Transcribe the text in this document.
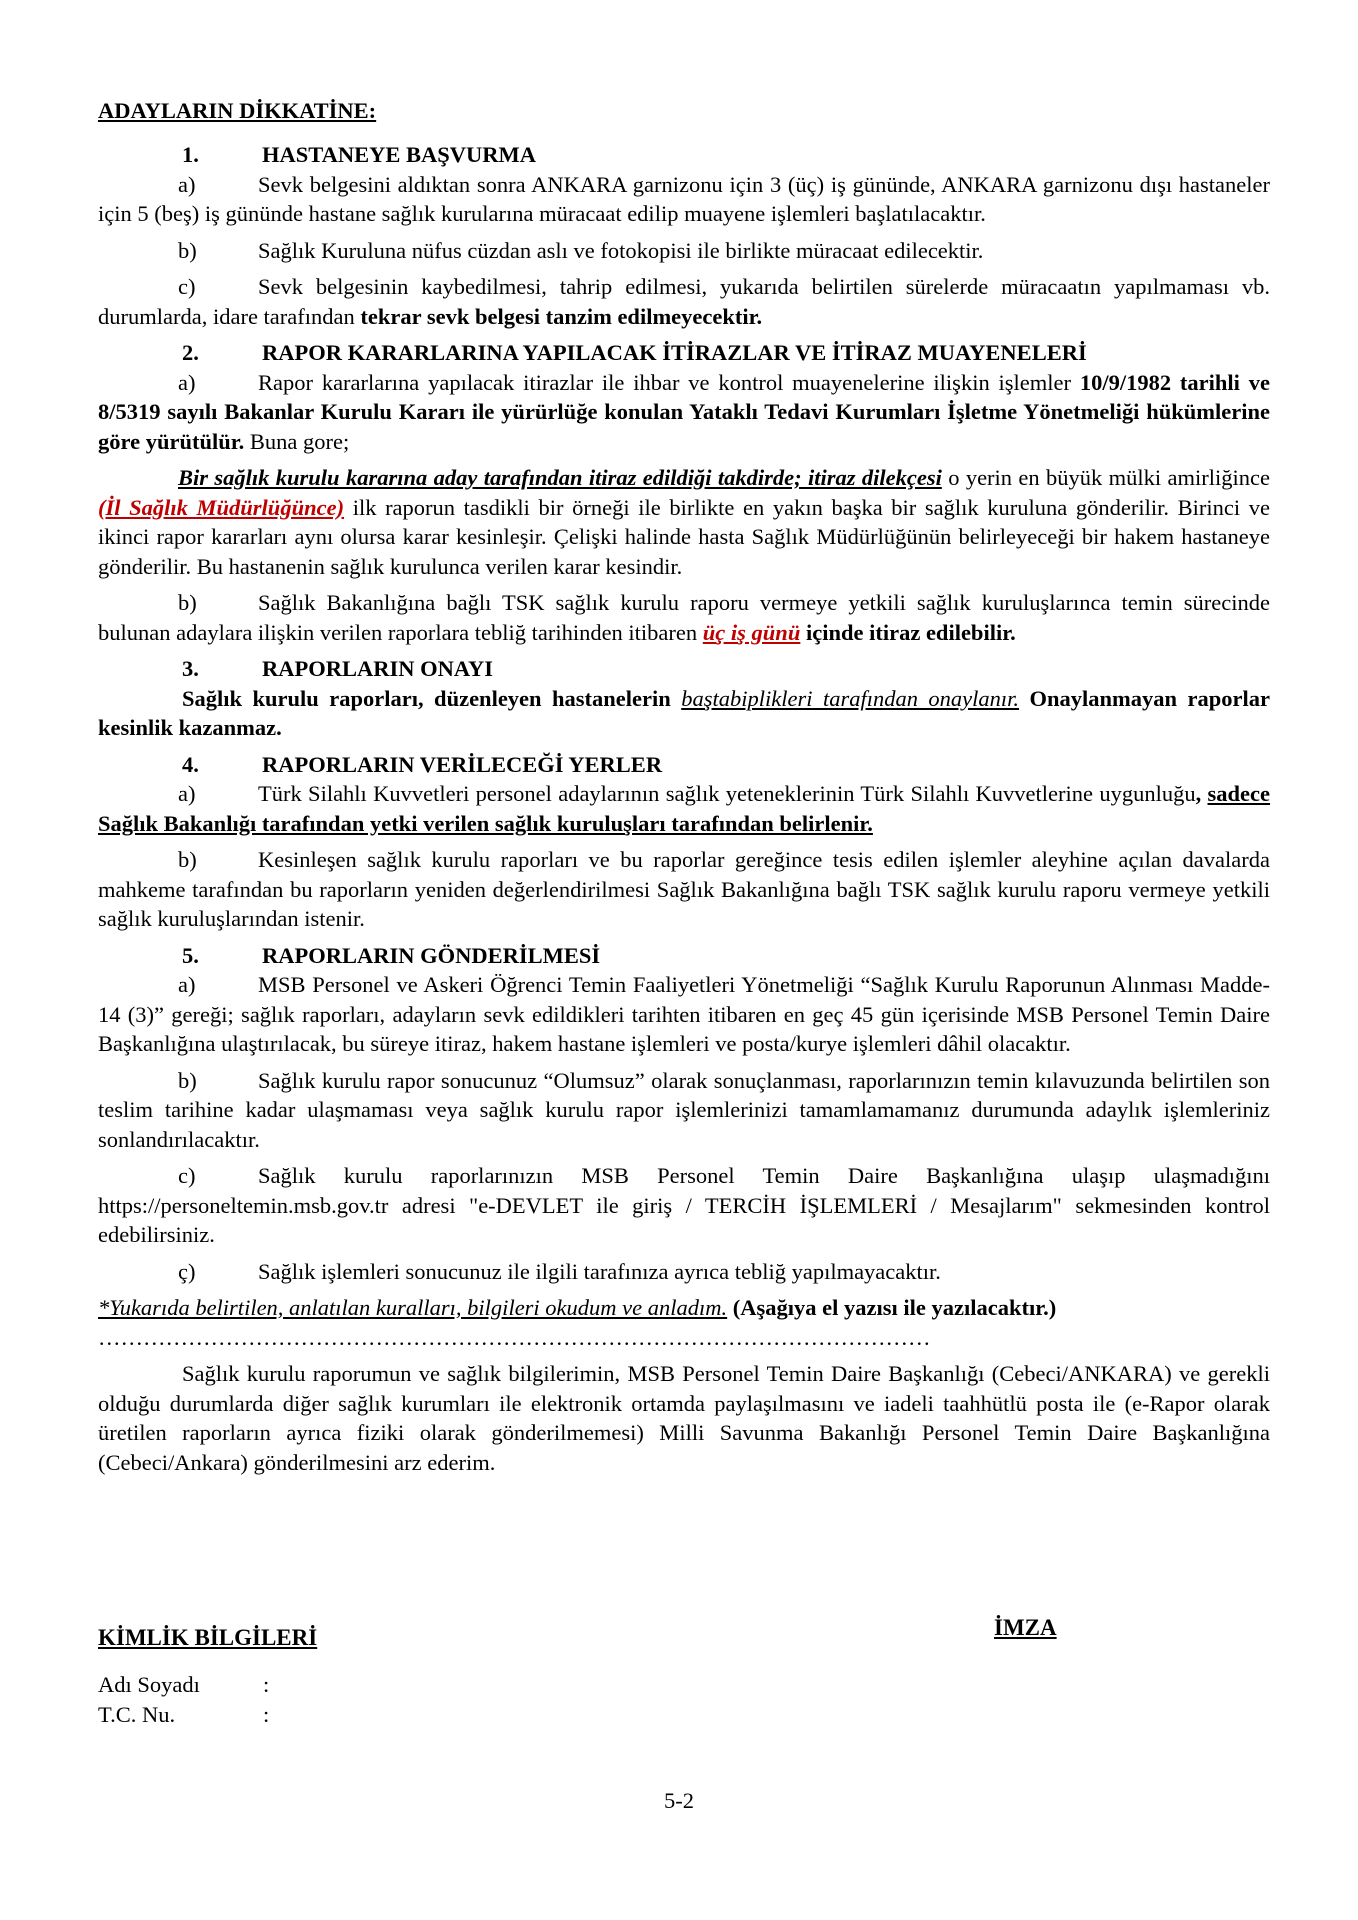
ADAYLARIN DİKKATİNE:

1.	HASTANEYE BAŞVURMA

a)	Sevk belgesini aldıktan sonra ANKARA garnizonu için 3 (üç) iş gününde, ANKARA garnizonu dışı hastaneler için 5 (beş) iş gününde hastane sağlık kurularına müracaat edilip muayene işlemleri başlatılacaktır.

b)	Sağlık Kuruluna nüfus cüzdan aslı ve fotokopisi ile birlikte müracaat edilecektir.

c)	Sevk belgesinin kaybedilmesi, tahrip edilmesi, yukarıda belirtilen sürelerde müracaatın yapılmaması vb. durumlarda, idare tarafından tekrar sevk belgesi tanzim edilmeyecektir.

2.	RAPOR KARARLARINA YAPILACAK İTİRAZLAR VE İTİRAZ MUAYENELERİ

a)	Rapor kararlarına yapılacak itirazlar ile ihbar ve kontrol muayenelerine ilişkin işlemler 10/9/1982 tarihli ve 8/5319 sayılı Bakanlar Kurulu Kararı ile yürürlüğe konulan Yataklı Tedavi Kurumları İşletme Yönetmeliği hükümlerine göre yürütülür. Buna gore;

Bir sağlık kurulu kararına aday tarafından itiraz edildiği takdirde; itiraz dilekçesi o yerin en büyük mülki amirliğince (İl Sağlık Müdürlüğünce) ilk raporun tasdikli bir örneği ile birlikte en yakın başka bir sağlık kuruluna gönderilir. Birinci ve ikinci rapor kararları aynı olursa karar kesinleşir. Çelişki halinde hasta Sağlık Müdürlüğünün belirleyeceği bir hakem hastaneye gönderilir. Bu hastanenin sağlık kurulunca verilen karar kesindir.

b)	Sağlık Bakanlığına bağlı TSK sağlık kurulu raporu vermeye yetkili sağlık kuruluşlarınca temin sürecinde bulunan adaylara ilişkin verilen raporlara tebliğ tarihinden itibaren üç iş günü içinde itiraz edilebilir.

3.	RAPORLARIN ONAYI

Sağlık kurulu raporları, düzenleyen hastanelerin baştabiplikleri tarafından onaylanır. Onaylanmayan raporlar kesinlik kazanmaz.

4.	RAPORLARIN VERİLECEĞİ YERLER

a)	Türk Silahlı Kuvvetleri personel adaylarının sağlık yeteneklerinin Türk Silahlı Kuvvetlerine uygunluğu, sadece Sağlık Bakanlığı tarafından yetki verilen sağlık kuruluşları tarafından belirlenir.

b)	Kesinleşen sağlık kurulu raporları ve bu raporlar gereğince tesis edilen işlemler aleyhine açılan davalarda mahkeme tarafından bu raporların yeniden değerlendirilmesi Sağlık Bakanlığına bağlı TSK sağlık kurulu raporu vermeye yetkili sağlık kuruluşlarından istenir.

5.	RAPORLARIN GÖNDERİLMESİ

a)	MSB Personel ve Askeri Öğrenci Temin Faaliyetleri Yönetmeliği “Sağlık Kurulu Raporunun Alınması Madde-14 (3)” gereği; sağlık raporları, adayların sevk edildikleri tarihten itibaren en geç 45 gün içerisinde MSB Personel Temin Daire Başkanlığına ulaştırılacak, bu süreye itiraz, hakem hastane işlemleri ve posta/kurye işlemleri dâhil olacaktır.

b)	Sağlık kurulu rapor sonucunuz “Olumsuz” olarak sonuçlanması, raporlarınızın temin kılavuzunda belirtilen son teslim tarihine kadar ulaşmaması veya sağlık kurulu rapor işlemlerinizi tamamlamamanız durumunda adaylık işlemleriniz sonlandırılacaktır.

c)	Sağlık kurulu raporlarınızın MSB Personel Temin Daire Başkanlığına ulaşıp ulaşmadığını https://personeltemin.msb.gov.tr adresi "e-DEVLET ile giriş / TERCİH İŞLEMLERİ / Mesajlarım" sekmesinden kontrol edebilirsiniz.

ç)	Sağlık işlemleri sonucunuz ile ilgili tarafınıza ayrıca tebliğ yapılmayacaktır.

*Yukarıda belirtilen, anlatılan kuralları, bilgileri okudum ve anladım. (Aşağıya el yazısı ile yazılacaktır.)

…………………………………………………………………………………………………

Sağlık kurulu raporumun ve sağlık bilgilerimin, MSB Personel Temin Daire Başkanlığı (Cebeci/ANKARA) ve gerekli olduğu durumlarda diğer sağlık kurumları ile elektronik ortamda paylaşılmasını ve iadeli taahhütlü posta ile (e-Rapor olarak üretilen raporların ayrıca fiziki olarak gönderilmemesi) Milli Savunma Bakanlığı Personel Temin Daire Başkanlığına (Cebeci/Ankara) gönderilmesini arz ederim.

İMZA
KİMLİK BİLGİLERİ
Adı Soyadı	:
T.C. Nu.	:
5-2
